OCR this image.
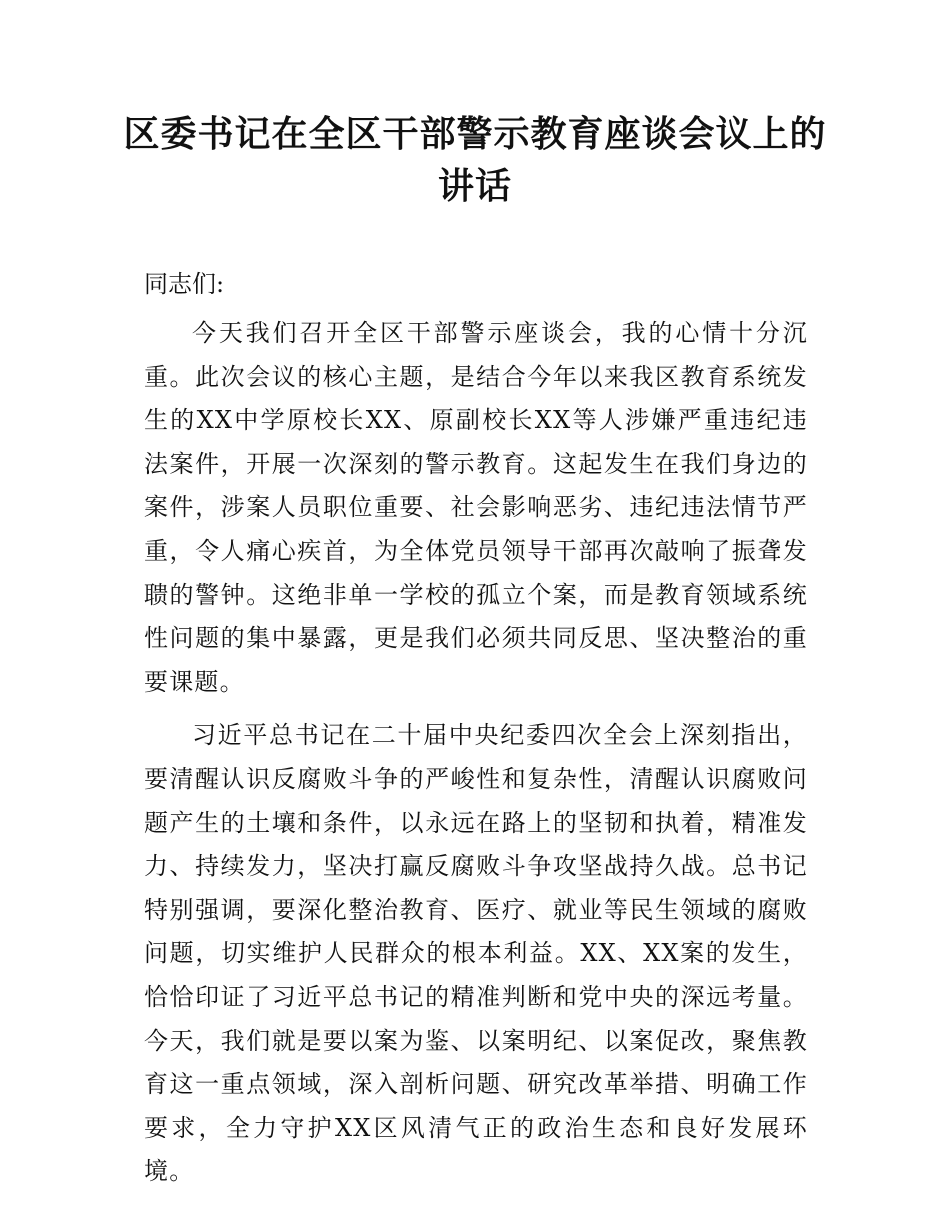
区委书记在全区干部警示教育座谈会议上的讲话

同志们:

今天我们召开全区干部警示座谈会，我的心情十分沉重。此次会议的核心主题，是结合今年以来我区教育系统发生的XX中学原校长XX、原副校长XX等人涉嫌严重违纪违法案件，开展一次深刻的警示教育。这起发生在我们身边的案件，涉案人员职位重要、社会影响恶劣、违纪违法情节严重，令人痛心疾首，为全体党员领导干部再次敲响了振聋发聩的警钟。这绝非单一学校的孤立个案，而是教育领域系统性问题的集中暴露，更是我们必须共同反思、坚决整治的重要课题。

习近平总书记在二十届中央纪委四次全会上深刻指出，要清醒认识反腐败斗争的严峻性和复杂性，清醒认识腐败问题产生的土壤和条件，以永远在路上的坚韧和执着，精准发力、持续发力，坚决打赢反腐败斗争攻坚战持久战。总书记特别强调，要深化整治教育、医疗、就业等民生领域的腐败问题，切实维护人民群众的根本利益。XX、XX案的发生，恰恰印证了习近平总书记的精准判断和党中央的深远考量。今天，我们就是要以案为鉴、以案明纪、以案促改，聚焦教育这一重点领域，深入剖析问题、研究改革举措、明确工作要求，全力守护XX区风清气正的政治生态和良好发展环境。
